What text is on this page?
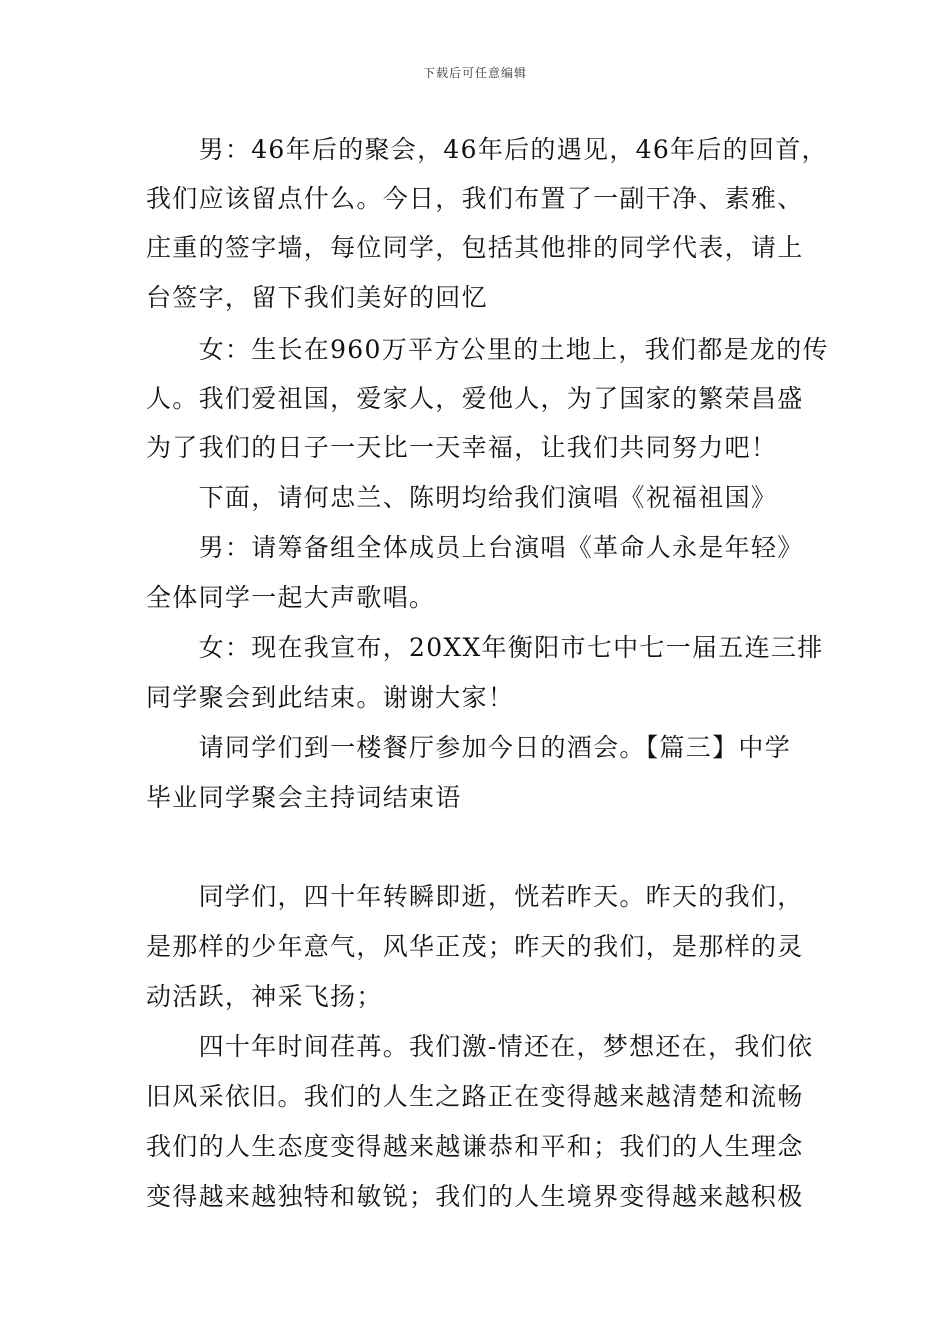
下载后可任意编辑
　　男：46年后的聚会，46年后的遇见，46年后的回首，
我们应该留点什么。今日，我们布置了一副干净、素雅、
庄重的签字墙，每位同学，包括其他排的同学代表，请上
台签字，留下我们美好的回忆
　　女：生长在960万平方公里的土地上，我们都是龙的传
人。我们爱祖国，爱家人，爱他人，为了国家的繁荣昌盛
为了我们的日子一天比一天幸福，让我们共同努力吧！
　　下面，请何忠兰、陈明均给我们演唱《祝福祖国》
　　男：请筹备组全体成员上台演唱《革命人永是年轻》
全体同学一起大声歌唱。
　　女：现在我宣布，20XX年衡阳市七中七一届五连三排
同学聚会到此结束。谢谢大家！
　　请同学们到一楼餐厅参加今日的酒会。【篇三】中学
毕业同学聚会主持词结束语
　　同学们，四十年转瞬即逝，恍若昨天。昨天的我们，
是那样的少年意气，风华正茂；昨天的我们，是那样的灵
动活跃，神采飞扬；
　　四十年时间荏苒。我们激-情还在，梦想还在，我们依
旧风采依旧。我们的人生之路正在变得越来越清楚和流畅
我们的人生态度变得越来越谦恭和平和；我们的人生理念
变得越来越独特和敏锐；我们的人生境界变得越来越积极
